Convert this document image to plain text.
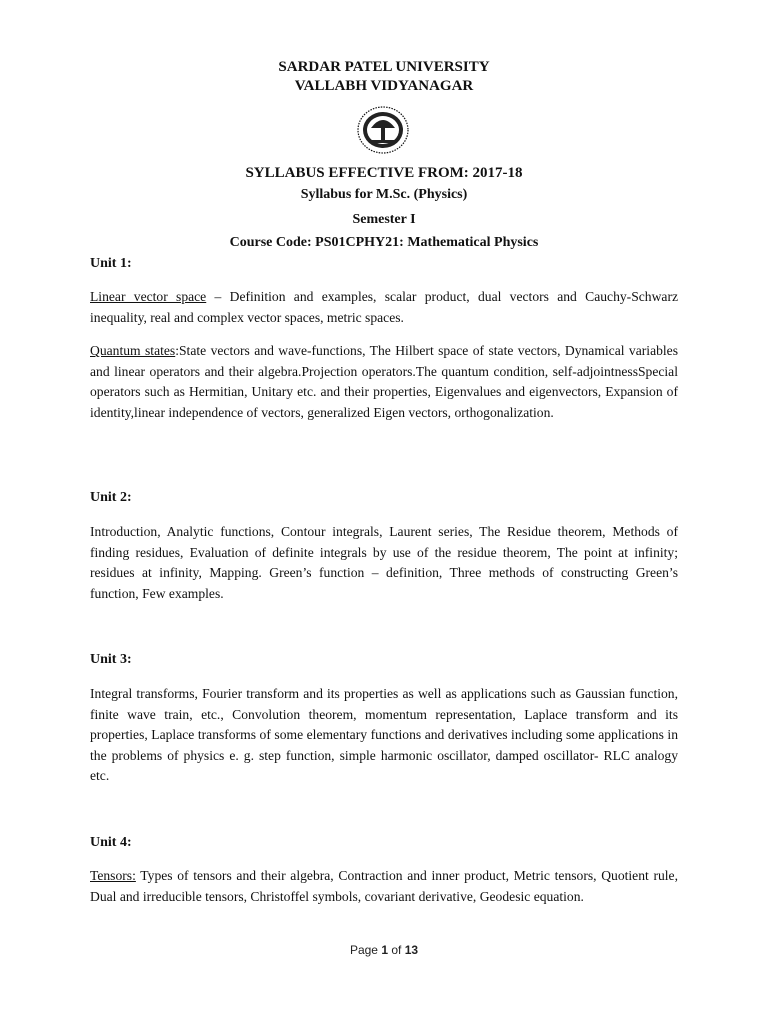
SARDAR PATEL UNIVERSITY
VALLABH VIDYANAGAR
SYLLABUS EFFECTIVE FROM: 2017-18
Syllabus for M.Sc. (Physics)
Semester I
Course Code: PS01CPHY21: Mathematical Physics
Unit 1:
Linear vector space – Definition and examples, scalar product, dual vectors and Cauchy-Schwarz inequality, real and complex vector spaces, metric spaces.
Quantum states:State vectors and wave-functions, The Hilbert space of state vectors, Dynamical variables and linear operators and their algebra.Projection operators.The quantum condition, self-adjointnessSpecial operators such as Hermitian, Unitary etc. and their properties, Eigenvalues and eigenvectors, Expansion of identity,linear independence of vectors, generalized Eigen vectors, orthogonalization.
Unit 2:
Introduction, Analytic functions, Contour integrals, Laurent series, The Residue theorem, Methods of finding residues, Evaluation of definite integrals by use of the residue theorem, The point at infinity; residues at infinity, Mapping. Green’s function – definition, Three methods of constructing Green’s function, Few examples.
Unit 3:
Integral transforms, Fourier transform and its properties as well as applications such as Gaussian function, finite wave train, etc., Convolution theorem, momentum representation, Laplace transform and its properties, Laplace transforms of some elementary functions and derivatives including some applications in the problems of physics e. g. step function, simple harmonic oscillator, damped oscillator- RLC analogy etc.
Unit 4:
Tensors: Types of tensors and their algebra, Contraction and inner product, Metric tensors, Quotient rule, Dual and irreducible tensors, Christoffel symbols, covariant derivative, Geodesic equation.
Page 1 of 13
